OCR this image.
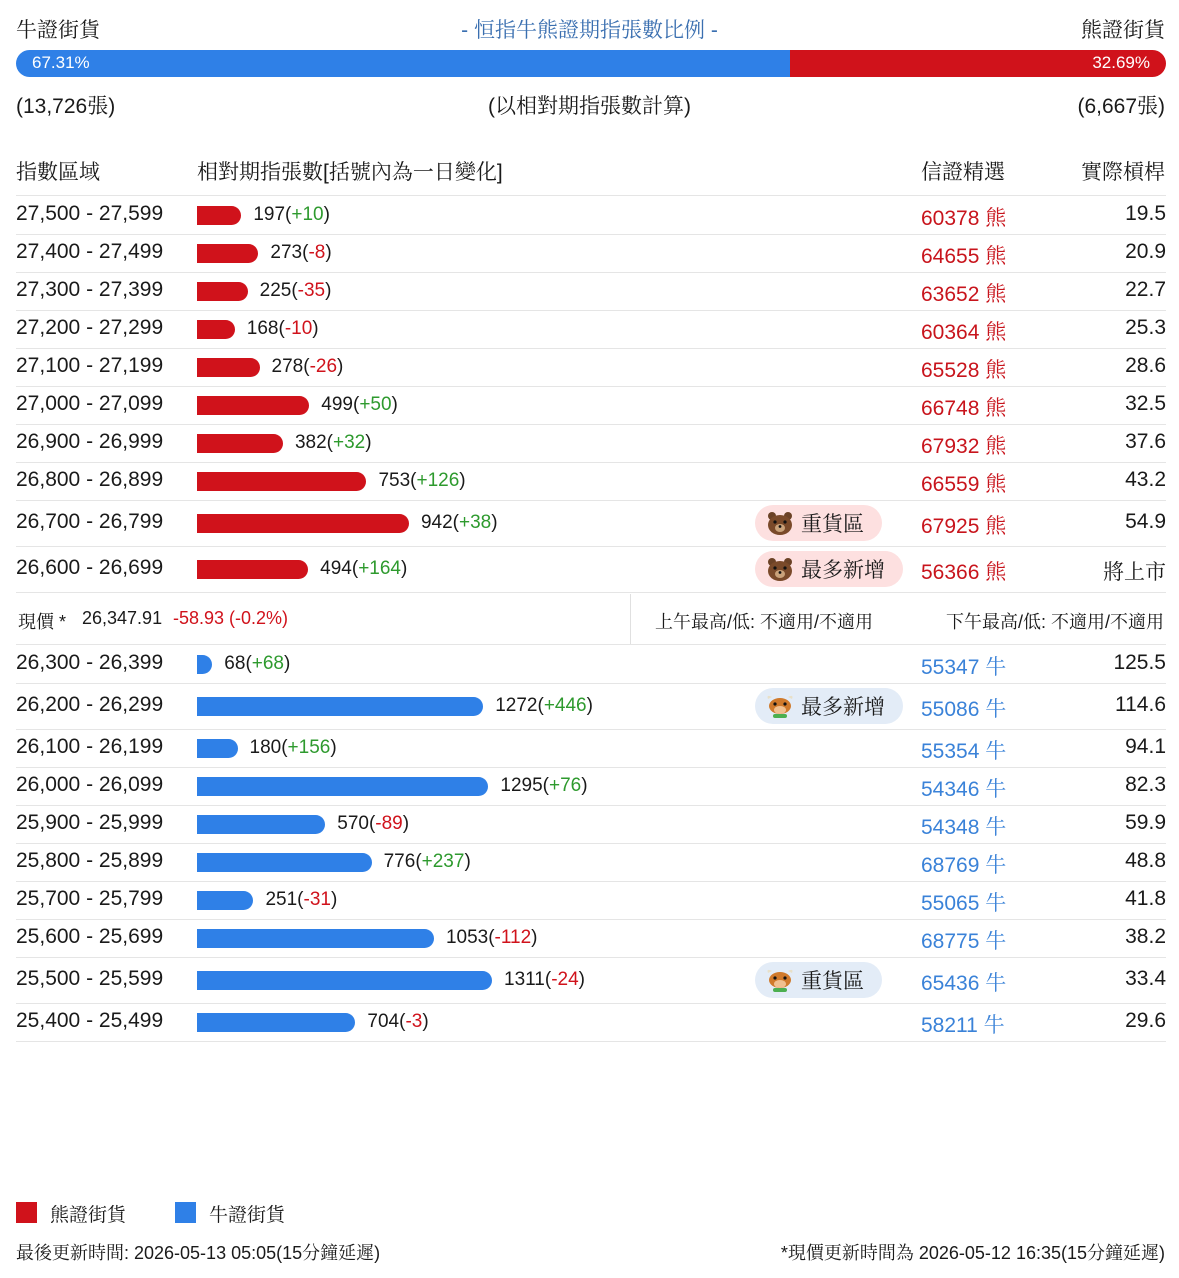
牛證街貨	- 恒指牛熊證期指張數比例 -	熊證街貨
67.31%	32.69%
(13,726張)	(以相對期指張數計算)	(6,667張)
指數區域	相對期指張數[括號內為一日變化]	信證精選	實際槓桿
27,500 - 27,599	197(+10)	60378 熊	19.5
27,400 - 27,499	273(-8)	64655 熊	20.9
27,300 - 27,399	225(-35)	63652 熊	22.7
27,200 - 27,299	168(-10)	60364 熊	25.3
27,100 - 27,199	278(-26)	65528 熊	28.6
27,000 - 27,099	499(+50)	66748 熊	32.5
26,900 - 26,999	382(+32)	67932 熊	37.6
26,800 - 26,899	753(+126)	66559 熊	43.2
26,700 - 26,799	942(+38)	重貨區	67925 熊	54.9
26,600 - 26,699	494(+164)	最多新增 56366 熊	將上市
現價 * 26,347.91 -58.93 (-0.2%)	上午最高/低: 不適用/不適用	下午最高/低: 不適用/不適用
26,300 - 26,399	68(+68)	55347 牛	125.5
26,200 - 26,299	1272(+446)	最多新增 55086 牛	114.6
26,100 - 26,199	180(+156)	55354 牛	94.1
26,000 - 26,099	1295(+76)	54346 牛	82.3
25,900 - 25,999	570(-89)	54348 牛	59.9
25,800 - 25,899	776(+237)	68769 牛	48.8
25,700 - 25,799	251(-31)	55065 牛	41.8
25,600 - 25,699	1053(-112)	68775 牛	38.2
25,500 - 25,599	1311(-24)	重貨區	65436 牛	33.4
25,400 - 25,499	704(-3)	58211 牛	29.6
熊證街貨	牛證街貨
最後更新時間: 2026-05-13 05:05(15分鐘延遲)	*現價更新時間為 2026-05-12 16:35(15分鐘延遲)
